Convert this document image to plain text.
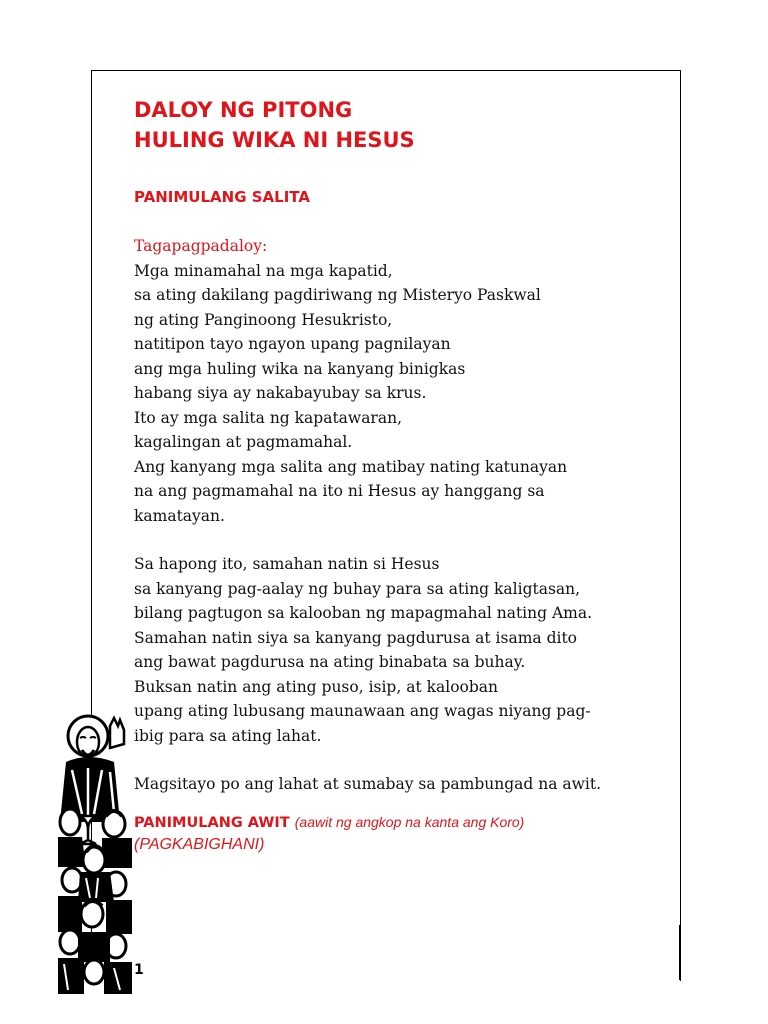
DALOY NG PITONG
HULING WIKA NI HESUS

PANIMULANG SALITA

Tagapagpadaloy:

Mga minamahal na mga kapatid,

sa ating dakilang pagdiriwang ng Misteryo Paskwal

ng ating Panginoong Hesukristo,

natitipon tayo ngayon upang pagnilayan

ang mga huling wika na kanyang binigkas

habang siya ay nakabayubay sa krus.

Ito ay mga salita ng kapatawaran,

kagalingan at pagmamahal.

Ang kanyang mga salita ang matibay nating katunayan

na ang pagmamahal na ito ni Hesus ay hanggang sa

kamatayan.

Sa hapong ito, samahan natin si Hesus

sa kanyang pag-aalay ng buhay para sa ating kaligtasan,

bilang pagtugon sa kalooban ng mapagmahal nating Ama.

Samahan natin siya sa kanyang pagdurusa at isama dito

ang bawat pagdurusa na ating binabata sa buhay.

Buksan natin ang ating puso, isip, at kalooban

upang ating lubusang maunawaan ang wagas niyang pag-

ibig para sa ating lahat.

Magsitayo po ang lahat at sumabay sa pambungad na awit.

PANIMULANG AWIT (aawit ng angkop na kanta ang Koro)

(PAGKABIGHANI)

1
